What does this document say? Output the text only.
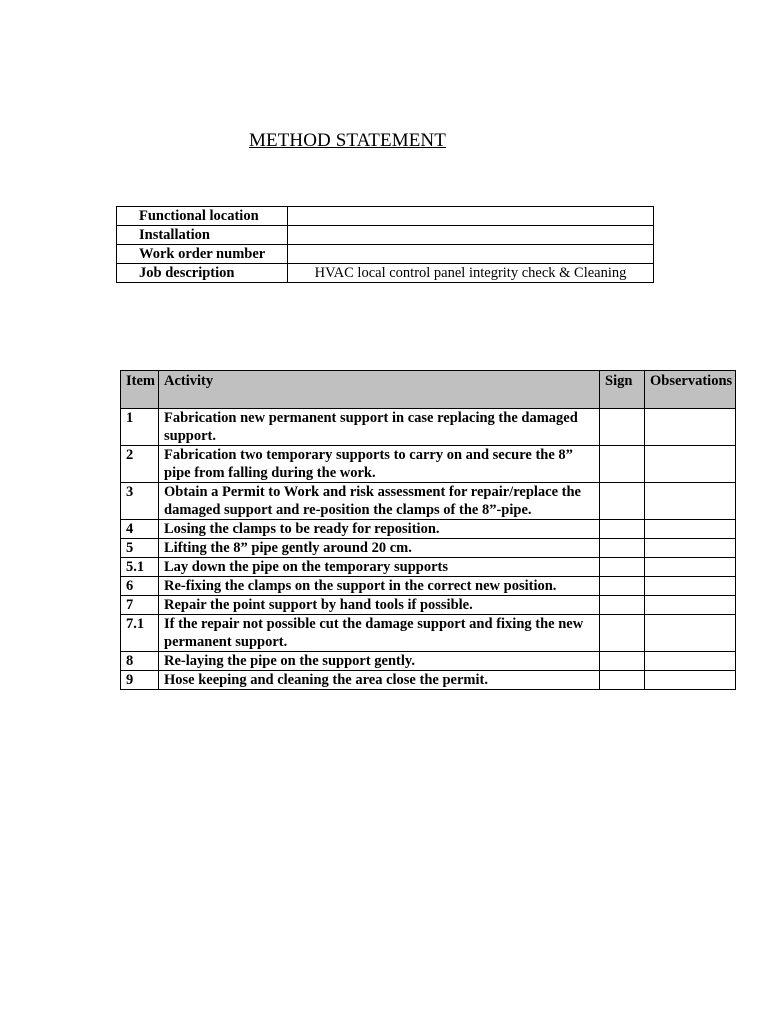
METHOD STATEMENT
Functional location	
Installation	
Work order number	
Job description	HVAC local control panel integrity check & Cleaning
Item	Activity	Sign	Observations
1	Fabrication new permanent support in case replacing the damaged support.		
2	Fabrication two temporary supports to carry on and secure the 8” pipe from falling during the work.		
3	Obtain a Permit to Work and risk assessment for repair/replace the damaged support and re-position the clamps of the 8”-pipe.		
4	Losing the clamps to be ready for reposition.		
5	Lifting the 8” pipe gently around 20 cm.		
5.1	Lay down the pipe on the temporary supports		
6	Re-fixing the clamps on the support in the correct new position.		
7	Repair the point support by hand tools if possible.		
7.1	If the repair not possible cut the damage support and fixing the new permanent support.		
8	Re-laying the pipe on the support gently.		
9	Hose keeping and cleaning the area close the permit.		
